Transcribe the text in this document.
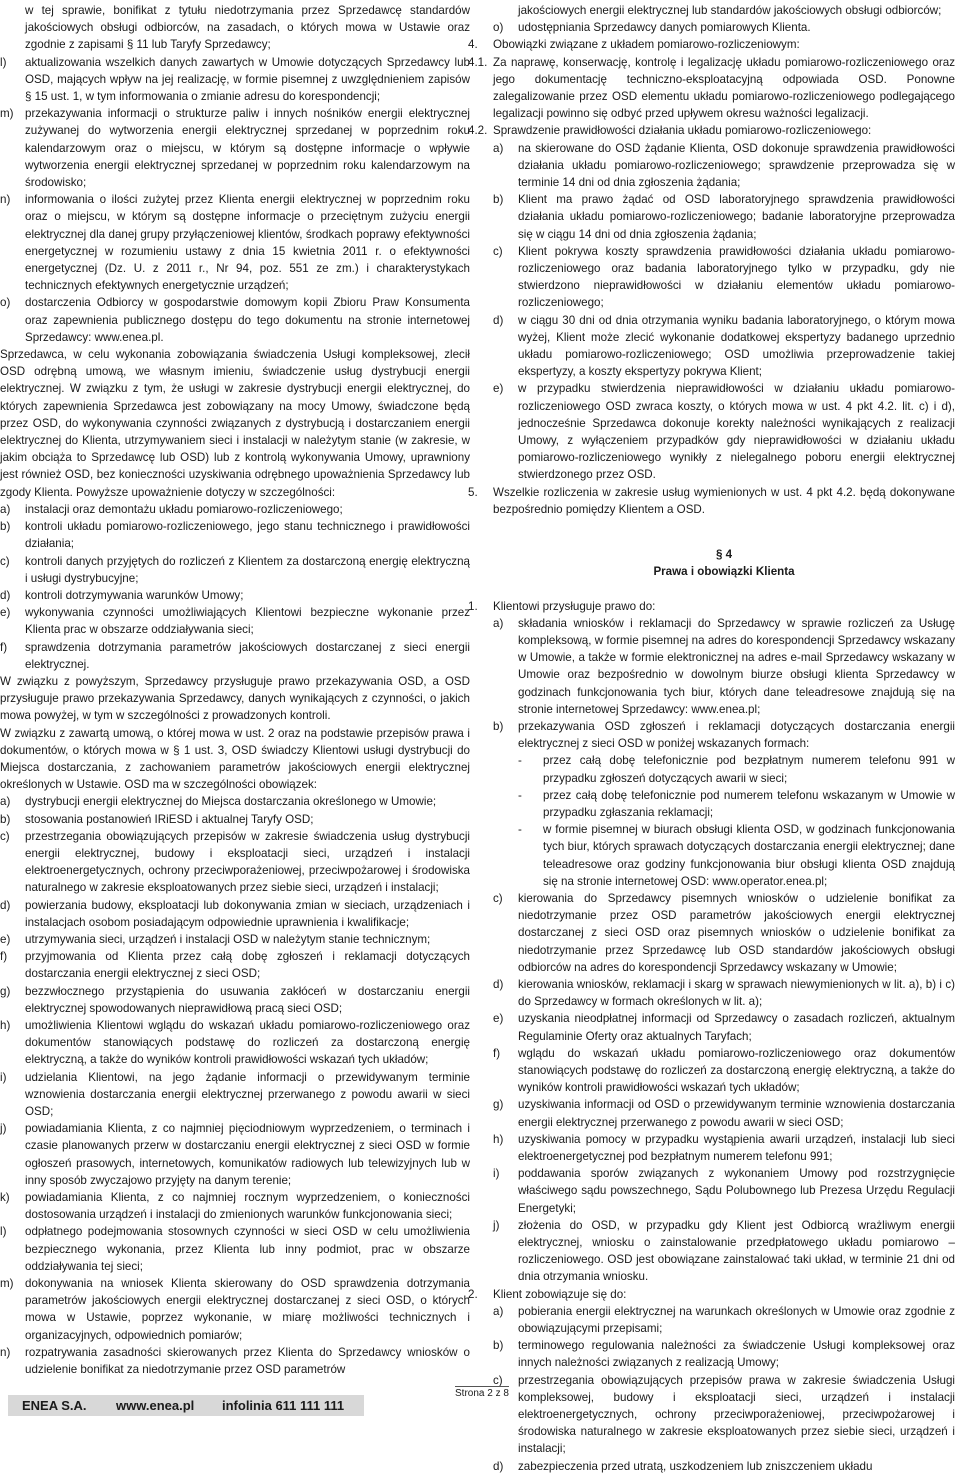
w tej sprawie, bonifikat z tytułu niedotrzymania przez Sprzedawcę standardów jakościowych obsługi odbiorców, na zasadach, o których mowa w Ustawie oraz zgodnie z zapisami § 11 lub Taryfy Sprzedawcy;
l)	aktualizowania wszelkich danych zawartych w Umowie dotyczących Sprzedawcy lub OSD, mających wpływ na jej realizację, w formie pisemnej z uwzględnieniem zapisów § 15 ust. 1, w tym informowania o zmianie adresu do korespondencji;
m) przekazywania informacji o strukturze paliw i innych nośników energii elektrycznej zużywanej do wytworzenia energii elektrycznej sprzedanej w poprzednim roku kalendarzowym oraz o miejscu, w którym są dostępne informacje o wpływie wytworzenia energii elektrycznej sprzedanej w poprzednim roku kalendarzowym na środowisko;
n)	informowania o ilości zużytej przez Klienta energii elektrycznej w poprzednim roku oraz o miejscu, w którym są dostępne informacje o przeciętnym zużyciu energii elektrycznej dla danej grupy przyłączeniowej klientów, środkach poprawy efektywności energetycznej w rozumieniu ustawy z dnia 15 kwietnia 2011 r. o efektywności energetycznej (Dz. U. z 2011 r., Nr 94, poz. 551 ze zm.) i charakterystykach technicznych efektywnych energetycznie urządzeń;
o)	dostarczenia Odbiorcy w gospodarstwie domowym kopii Zbioru Praw Konsumenta oraz zapewnienia publicznego dostępu do tego dokumentu na stronie internetowej Sprzedawcy: www.enea.pl.
Sprzedawca, w celu wykonania zobowiązania świadczenia Usługi kompleksowej, zlecił OSD odrębną umową, we własnym imieniu, świadczenie usług dystrybucji energii elektrycznej. W związku z tym, że usługi w zakresie dystrybucji energii elektrycznej, do których zapewnienia Sprzedawca jest zobowiązany na mocy Umowy, świadczone będą przez OSD, do wykonywania czynności związanych z dystrybucją i dostarczaniem energii elektrycznej do Klienta, utrzymywaniem sieci i instalacji w należytym stanie (w zakresie, w jakim obciąża to Sprzedawcę lub OSD) lub z kontrolą wykonywania Umowy, uprawniony jest również OSD, bez konieczności uzyskiwania odrębnego upoważnienia Sprzedawcy lub zgody Klienta. Powyższe upoważnienie dotyczy w szczególności:
a)	instalacji oraz demontażu układu pomiarowo-rozliczeniowego;
b)	kontroli układu pomiarowo-rozliczeniowego, jego stanu technicznego i prawidłowości działania;
c)	kontroli danych przyjętych do rozliczeń z Klientem za dostarczoną energię elektryczną i usługi dystrybucyjne;
d)	kontroli dotrzymywania warunków Umowy;
e)	wykonywania czynności umożliwiających Klientowi bezpieczne wykonanie przez Klienta prac w obszarze oddziaływania sieci;
f)	sprawdzenia dotrzymania parametrów jakościowych dostarczanej z sieci energii elektrycznej.
W związku z powyższym, Sprzedawcy przysługuje prawo przekazywania OSD, a OSD przysługuje prawo przekazywania Sprzedawcy, danych wynikających z czynności, o jakich mowa powyżej, w tym w szczególności z prowadzonych kontroli.
W związku z zawartą umową, o której mowa w ust. 2 oraz na podstawie przepisów prawa i dokumentów, o których mowa w § 1 ust. 3, OSD świadczy Klientowi usługi dystrybucji do Miejsca dostarczania, z zachowaniem parametrów jakościowych energii elektrycznej określonych w Ustawie. OSD ma w szczególności obowiązek:
a)	dystrybucji energii elektrycznej do Miejsca dostarczania określonego w Umowie;
b)	stosowania postanowień IRiESD i aktualnej Taryfy OSD;
c)	przestrzegania obowiązujących przepisów w zakresie świadczenia usług dystrybucji energii elektrycznej, budowy i eksploatacji sieci, urządzeń i instalacji elektroenergetycznych, ochrony przeciwporażeniowej, przeciwpożarowej i środowiska naturalnego w zakresie eksploatowanych przez siebie sieci, urządzeń i instalacji;
d)	powierzania budowy, eksploatacji lub dokonywania zmian w sieciach, urządzeniach i instalacjach osobom posiadającym odpowiednie uprawnienia i kwalifikacje;
e)	utrzymywania sieci, urządzeń i instalacji OSD w należytym stanie technicznym;
f)	przyjmowania od Klienta przez całą dobę zgłoszeń i reklamacji dotyczących dostarczania energii elektrycznej z sieci OSD;
g)	bezzwłocznego przystąpienia do usuwania zakłóceń w dostarczaniu energii elektrycznej spowodowanych nieprawidłową pracą sieci OSD;
h)	umożliwienia Klientowi wglądu do wskazań układu pomiarowo-rozliczeniowego oraz dokumentów stanowiących podstawę do rozliczeń za dostarczoną energię elektryczną, a także do wyników kontroli prawidłowości wskazań tych układów;
i)	udzielania Klientowi, na jego żądanie informacji o przewidywanym terminie wznowienia dostarczania energii elektrycznej przerwanego z powodu awarii w sieci OSD;
j)	powiadamiania Klienta, z co najmniej pięciodniowym wyprzedzeniem, o terminach i czasie planowanych przerw w dostarczaniu energii elektrycznej z sieci OSD w formie ogłoszeń prasowych, internetowych, komunikatów radiowych lub telewizyjnych lub w inny sposób zwyczajowo przyjęty na danym terenie;
k)	powiadamiania Klienta, z co najmniej rocznym wyprzedzeniem, o konieczności dostosowania urządzeń i instalacji do zmienionych warunków funkcjonowania sieci;
l)	odpłatnego podejmowania stosownych czynności w sieci OSD w celu umożliwienia bezpiecznego wykonania, przez Klienta lub inny podmiot, prac w obszarze oddziaływania tej sieci;
m) dokonywania na wniosek Klienta skierowany do OSD sprawdzenia dotrzymania parametrów jakościowych energii elektrycznej dostarczanej z sieci OSD, o których mowa w Ustawie, poprzez wykonanie, w miarę możliwości technicznych i organizacyjnych, odpowiednich pomiarów;
n)	rozpatrywania zasadności skierowanych przez Klienta do Sprzedawcy wniosków o udzielenie bonifikat za niedotrzymanie przez OSD parametrów
jakościowych energii elektrycznej lub standardów jakościowych obsługi odbiorców;
o)	udostępniania Sprzedawcy danych pomiarowych Klienta.
4.	Obowiązki związane z układem pomiarowo-rozliczeniowym:
4.1. Za naprawę, konserwację, kontrolę i legalizację układu pomiarowo-rozliczeniowego oraz jego dokumentację techniczno-eksploatacyjną odpowiada OSD. Ponowne zalegalizowanie przez OSD elementu układu pomiarowo-rozliczeniowego podlegającego legalizacji powinno się odbyć przed upływem okresu ważności legalizacji.
4.2. Sprawdzenie prawidłowości działania układu pomiarowo-rozliczeniowego:
a)	na skierowane do OSD żądanie Klienta, OSD dokonuje sprawdzenia prawidłowości działania układu pomiarowo-rozliczeniowego; sprawdzenie przeprowadza się w terminie 14 dni od dnia zgłoszenia żądania;
b)	Klient ma prawo żądać od OSD laboratoryjnego sprawdzenia prawidłowości działania układu pomiarowo-rozliczeniowego; badanie laboratoryjne przeprowadza się w ciągu 14 dni od dnia zgłoszenia żądania;
c)	Klient pokrywa koszty sprawdzenia prawidłowości działania układu pomiarowo-rozliczeniowego oraz badania laboratoryjnego tylko w przypadku, gdy nie stwierdzono nieprawidłowości w działaniu elementów układu pomiarowo-rozliczeniowego;
d)	w ciągu 30 dni od dnia otrzymania wyniku badania laboratoryjnego, o którym mowa wyżej, Klient może zlecić wykonanie dodatkowej ekspertyzy badanego uprzednio układu pomiarowo-rozliczeniowego; OSD umożliwia przeprowadzenie takiej ekspertyzy, a koszty ekspertyzy pokrywa Klient;
e)	w przypadku stwierdzenia nieprawidłowości w działaniu układu pomiarowo-rozliczeniowego OSD zwraca koszty, o których mowa w ust. 4 pkt 4.2. lit. c) i d), jednocześnie Sprzedawca dokonuje korekty należności wynikających z realizacji Umowy, z wyłączeniem przypadków gdy nieprawidłowości w działaniu układu pomiarowo-rozliczeniowego wynikły z nielegalnego poboru energii elektrycznej stwierdzonego przez OSD.
5.	Wszelkie rozliczenia w zakresie usług wymienionych w ust. 4 pkt 4.2. będą dokonywane bezpośrednio pomiędzy Klientem a OSD.
§ 4
Prawa i obowiązki Klienta
1.	Klientowi przysługuje prawo do:
a)	składania wniosków i reklamacji do Sprzedawcy w sprawie rozliczeń za Usługę kompleksową, w formie pisemnej na adres do korespondencji Sprzedawcy wskazany w Umowie, a także w formie elektronicznej na adres e-mail Sprzedawcy wskazany w Umowie oraz bezpośrednio w dowolnym biurze obsługi klienta Sprzedawcy w godzinach funkcjonowania tych biur, których dane teleadresowe znajdują się na stronie internetowej Sprzedawcy: www.enea.pl;
b)	przekazywania OSD zgłoszeń i reklamacji dotyczących dostarczania energii elektrycznej z sieci OSD w poniżej wskazanych formach:
-	przez całą dobę telefonicznie pod bezpłatnym numerem telefonu 991 w przypadku zgłoszeń dotyczących awarii w sieci;
-	przez całą dobę telefonicznie pod numerem telefonu wskazanym w Umowie w przypadku zgłaszania reklamacji;
-	w formie pisemnej w biurach obsługi klienta OSD, w godzinach funkcjonowania tych biur, których sprawach dotyczących dostarczania energii elektrycznej; dane teleadresowe oraz godziny funkcjonowania biur obsługi klienta OSD znajdują się na stronie internetowej OSD: www.operator.enea.pl;
c)	kierowania do Sprzedawcy pisemnych wniosków o udzielenie bonifikat za niedotrzymanie przez OSD parametrów jakościowych energii elektrycznej dostarczanej z sieci OSD oraz pisemnych wniosków o udzielenie bonifikat za niedotrzymanie przez Sprzedawcę lub OSD standardów jakościowych obsługi odbiorców na adres do korespondencji Sprzedawcy wskazany w Umowie;
d)	kierowania wniosków, reklamacji i skarg w sprawach niewymienionych w lit. a), b) i c) do Sprzedawcy w formach określonych w lit. a);
e)	uzyskania nieodpłatnej informacji od Sprzedawcy o zasadach rozliczeń, aktualnym Regulaminie Oferty oraz aktualnych Taryfach;
f)	wglądu do wskazań układu pomiarowo-rozliczeniowego oraz dokumentów stanowiących podstawę do rozliczeń za dostarczoną energię elektryczną, a także do wyników kontroli prawidłowości wskazań tych układów;
g)	uzyskiwania informacji od OSD o przewidywanym terminie wznowienia dostarczania energii elektrycznej przerwanego z powodu awarii w sieci OSD;
h)	uzyskiwania pomocy w przypadku wystąpienia awarii urządzeń, instalacji lub sieci elektroenergetycznej pod bezpłatnym numerem telefonu 991;
i)	poddawania sporów związanych z wykonaniem Umowy pod rozstrzygnięcie właściwego sądu powszechnego, Sądu Polubownego lub Prezesa Urzędu Regulacji Energetyki;
j)	złożenia do OSD, w przypadku gdy Klient jest Odbiorcą wrażliwym energii elektrycznej, wniosku o zainstalowanie przedpłatowego układu pomiarowo – rozliczeniowego. OSD jest obowiązane zainstalować taki układ, w terminie 21 dni od dnia otrzymania wniosku.
2.	Klient zobowiązuje się do:
a)	pobierania energii elektrycznej na warunkach określonych w Umowie oraz zgodnie z obowiązującymi przepisami;
b)	terminowego regulowania należności za świadczenie Usługi kompleksowej oraz innych należności związanych z realizacją Umowy;
c)	przestrzegania obowiązujących przepisów prawa w zakresie świadczenia Usługi kompleksowej, budowy i eksploatacji sieci, urządzeń i instalacji elektroenergetycznych, ochrony przeciwporażeniowej, przeciwpożarowej i środowiska naturalnego w zakresie eksploatowanych przez siebie sieci, urządzeń i instalacji;
d)	zabezpieczenia przed utratą, uszkodzeniem lub zniszczeniem układu
ENEA S.A. www.enea.pl infolinia 611 111 111
Strona 2 z 8
